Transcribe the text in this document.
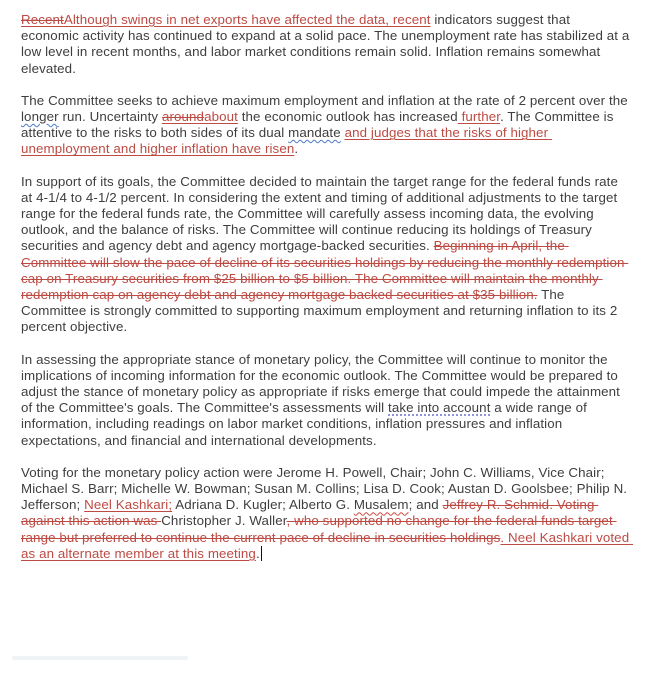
RecentAlthough swings in net exports have affected the data, recent indicators suggest that economic activity has continued to expand at a solid pace. The unemployment rate has stabilized at a low level in recent months, and labor market conditions remain solid. Inflation remains somewhat elevated.

The Committee seeks to achieve maximum employment and inflation at the rate of 2 percent over the longer run. Uncertainty aroundabout the economic outlook has increased further. The Committee is attentive to the risks to both sides of its dual mandate and judges that the risks of higher unemployment and higher inflation have risen.

In support of its goals, the Committee decided to maintain the target range for the federal funds rate at 4-1/4 to 4-1/2 percent. In considering the extent and timing of additional adjustments to the target range for the federal funds rate, the Committee will carefully assess incoming data, the evolving outlook, and the balance of risks. The Committee will continue reducing its holdings of Treasury securities and agency debt and agency mortgage-backed securities. Beginning in April, the Committee will slow the pace of decline of its securities holdings by reducing the monthly redemption cap on Treasury securities from $25 billion to $5 billion. The Committee will maintain the monthly redemption cap on agency debt and agency mortgage backed securities at $35 billion. The Committee is strongly committed to supporting maximum employment and returning inflation to its 2 percent objective.

In assessing the appropriate stance of monetary policy, the Committee will continue to monitor the implications of incoming information for the economic outlook. The Committee would be prepared to adjust the stance of monetary policy as appropriate if risks emerge that could impede the attainment of the Committee's goals. The Committee's assessments will take into account a wide range of information, including readings on labor market conditions, inflation pressures and inflation expectations, and financial and international developments.

Voting for the monetary policy action were Jerome H. Powell, Chair; John C. Williams, Vice Chair; Michael S. Barr; Michelle W. Bowman; Susan M. Collins; Lisa D. Cook; Austan D. Goolsbee; Philip N. Jefferson; Neel Kashkari; Adriana D. Kugler; Alberto G. Musalem; and Jeffrey R. Schmid. Voting against this action was Christopher J. Waller, who supported no change for the federal funds target range but preferred to continue the current pace of decline in securities holdings. Neel Kashkari voted as an alternate member at this meeting.
